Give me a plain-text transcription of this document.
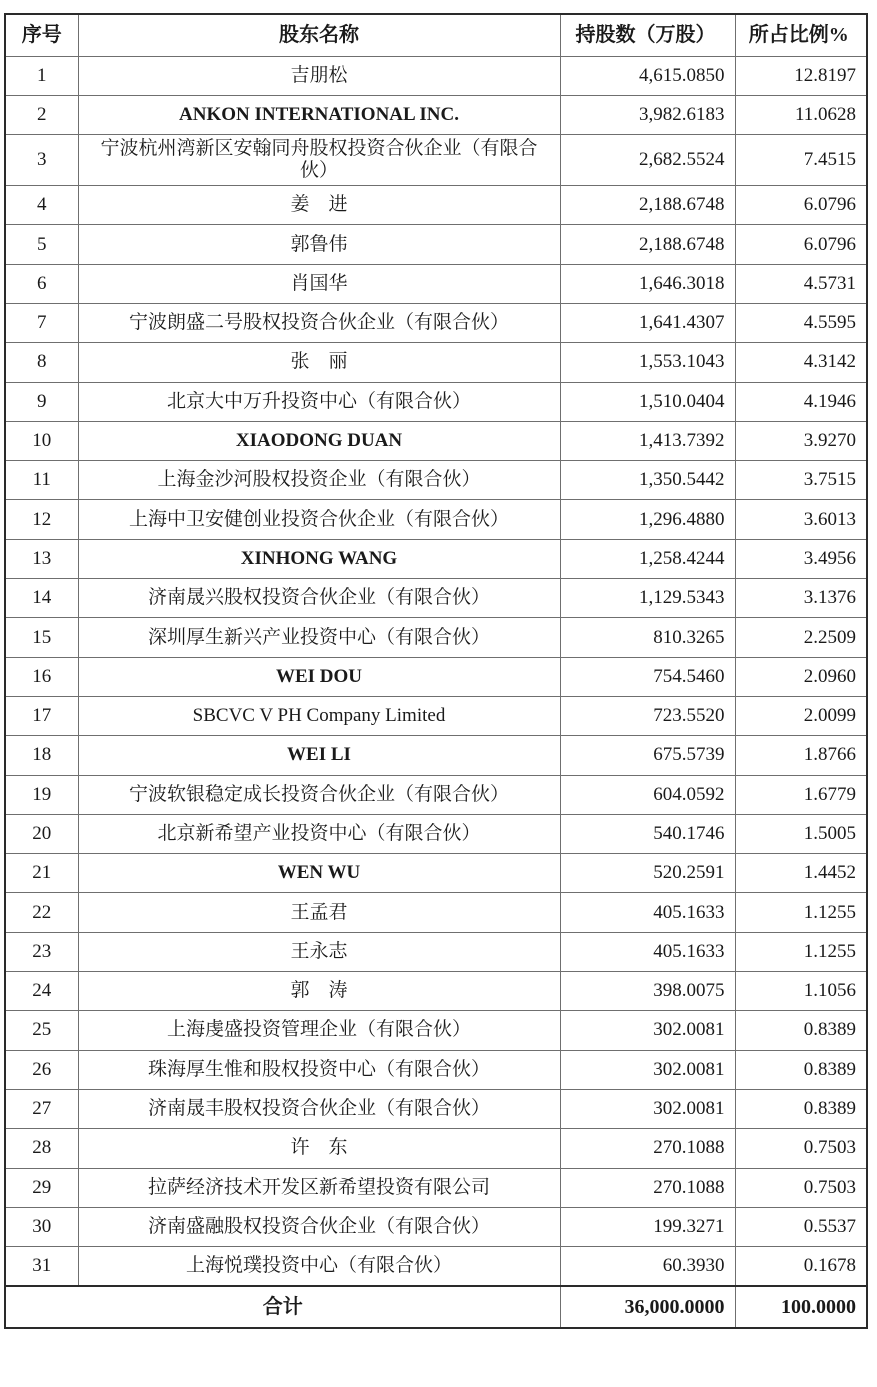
序号	股东名称	持股数（万股）	所占比例%
1	吉朋松	4,615.0850	12.8197
2	ANKON INTERNATIONAL INC.	3,982.6183	11.0628
3	宁波杭州湾新区安翰同舟股权投资合伙企业（有限合伙）	2,682.5524	7.4515
4	姜　进	2,188.6748	6.0796
5	郭鲁伟	2,188.6748	6.0796
6	肖国华	1,646.3018	4.5731
7	宁波朗盛二号股权投资合伙企业（有限合伙）	1,641.4307	4.5595
8	张　丽	1,553.1043	4.3142
9	北京大中万升投资中心（有限合伙）	1,510.0404	4.1946
10	XIAODONG DUAN	1,413.7392	3.9270
11	上海金沙河股权投资企业（有限合伙）	1,350.5442	3.7515
12	上海中卫安健创业投资合伙企业（有限合伙）	1,296.4880	3.6013
13	XINHONG WANG	1,258.4244	3.4956
14	济南晟兴股权投资合伙企业（有限合伙）	1,129.5343	3.1376
15	深圳厚生新兴产业投资中心（有限合伙）	810.3265	2.2509
16	WEI DOU	754.5460	2.0960
17	SBCVC V PH Company Limited	723.5520	2.0099
18	WEI LI	675.5739	1.8766
19	宁波软银稳定成长投资合伙企业（有限合伙）	604.0592	1.6779
20	北京新希望产业投资中心（有限合伙）	540.1746	1.5005
21	WEN WU	520.2591	1.4452
22	王孟君	405.1633	1.1255
23	王永志	405.1633	1.1255
24	郭　涛	398.0075	1.1056
25	上海虔盛投资管理企业（有限合伙）	302.0081	0.8389
26	珠海厚生惟和股权投资中心（有限合伙）	302.0081	0.8389
27	济南晟丰股权投资合伙企业（有限合伙）	302.0081	0.8389
28	许　东	270.1088	0.7503
29	拉萨经济技术开发区新希望投资有限公司	270.1088	0.7503
30	济南盛融股权投资合伙企业（有限合伙）	199.3271	0.5537
31	上海悦璞投资中心（有限合伙）	60.3930	0.1678
合计		36,000.0000	100.0000
